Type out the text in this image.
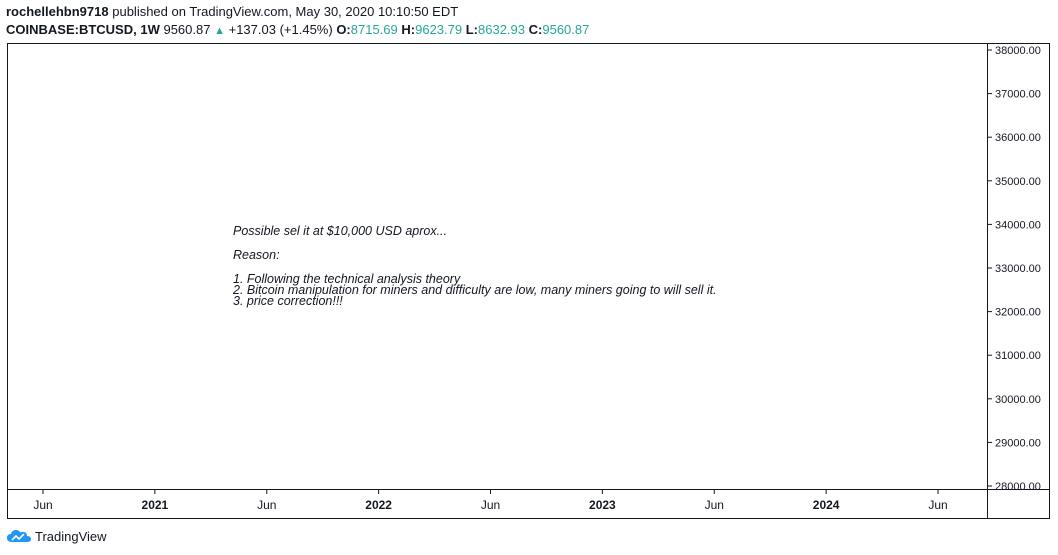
rochellehbn9718 published on TradingView.com, May 30, 2020 10:10:50 EDT
COINBASE:BTCUSD, 1W 9560.87 ▲ +137.03 (+1.45%) O:8715.69 H:9623.79 L:8632.93 C:9560.87
38000.00
37000.00
36000.00
35000.00
34000.00
33000.00
32000.00
31000.00
30000.00
29000.00
28000.00
Jun	2021	Jun	2022	Jun	2023	Jun	2024	Jun
Possible sel it at $10,000 USD aprox...
Reason:
1. Following the technical analysis theory
2. Bitcoin manipulation for miners and difficulty are low, many miners going to will sell it.
3. price correction!!!
TradingView
